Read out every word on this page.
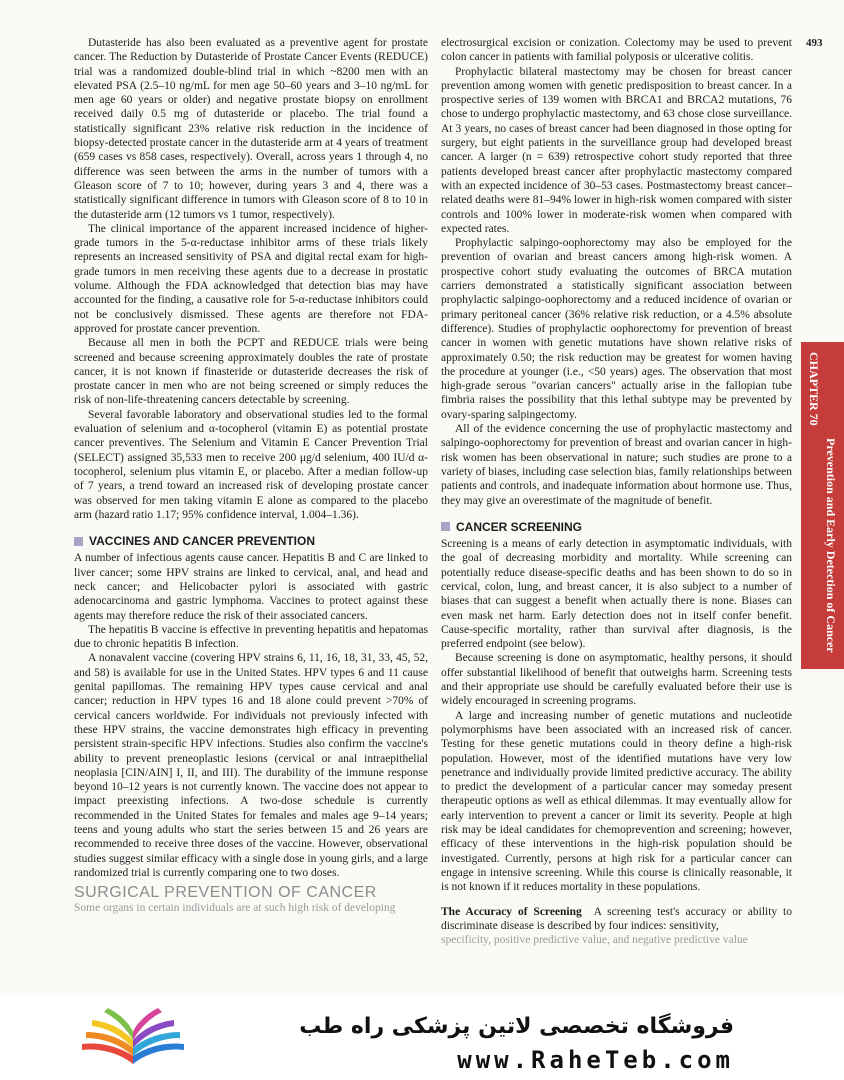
493

Dutasteride has also been evaluated as a preventive agent for prostate cancer. The Reduction by Dutasteride of Prostate Cancer Events (REDUCE) trial was a randomized double-blind trial in which ~8200 men with an elevated PSA (2.5–10 ng/mL for men age 50–60 years and 3–10 ng/mL for men age 60 years or older) and negative prostate biopsy on enrollment received daily 0.5 mg of dutasteride or placebo. The trial found a statistically significant 23% relative risk reduction in the incidence of biopsy-detected prostate cancer in the dutasteride arm at 4 years of treatment (659 cases vs 858 cases, respectively). Overall, across years 1 through 4, no difference was seen between the arms in the number of tumors with a Gleason score of 7 to 10; however, during years 3 and 4, there was a statistically significant difference in tumors with Gleason score of 8 to 10 in the dutasteride arm (12 tumors vs 1 tumor, respectively).

The clinical importance of the apparent increased incidence of higher-grade tumors in the 5-α-reductase inhibitor arms of these trials likely represents an increased sensitivity of PSA and digital rectal exam for high-grade tumors in men receiving these agents due to a decrease in prostatic volume. Although the FDA acknowledged that detection bias may have accounted for the finding, a causative role for 5-α-reductase inhibitors could not be conclusively dismissed. These agents are therefore not FDA-approved for prostate cancer prevention.

Because all men in both the PCPT and REDUCE trials were being screened and because screening approximately doubles the rate of prostate cancer, it is not known if finasteride or dutasteride decreases the risk of prostate cancer in men who are not being screened or simply reduces the risk of non-life-threatening cancers detectable by screening.

Several favorable laboratory and observational studies led to the formal evaluation of selenium and α-tocopherol (vitamin E) as potential prostate cancer preventives. The Selenium and Vitamin E Cancer Prevention Trial (SELECT) assigned 35,533 men to receive 200 μg/d selenium, 400 IU/d α-tocopherol, selenium plus vitamin E, or placebo. After a median follow-up of 7 years, a trend toward an increased risk of developing prostate cancer was observed for men taking vitamin E alone as compared to the placebo arm (hazard ratio 1.17; 95% confidence interval, 1.004–1.36).

VACCINES AND CANCER PREVENTION

A number of infectious agents cause cancer. Hepatitis B and C are linked to liver cancer; some HPV strains are linked to cervical, anal, and head and neck cancer; and Helicobacter pylori is associated with gastric adenocarcinoma and gastric lymphoma. Vaccines to protect against these agents may therefore reduce the risk of their associated cancers.

The hepatitis B vaccine is effective in preventing hepatitis and hepatomas due to chronic hepatitis B infection.

A nonavalent vaccine (covering HPV strains 6, 11, 16, 18, 31, 33, 45, 52, and 58) is available for use in the United States. HPV types 6 and 11 cause genital papillomas. The remaining HPV types cause cervical and anal cancer; reduction in HPV types 16 and 18 alone could prevent >70% of cervical cancers worldwide. For individuals not previously infected with these HPV strains, the vaccine demonstrates high efficacy in preventing persistent strain-specific HPV infections. Studies also confirm the vaccine's ability to prevent preneoplastic lesions (cervical or anal intraepithelial neoplasia [CIN/AIN] I, II, and III). The durability of the immune response beyond 10–12 years is not currently known. The vaccine does not appear to impact preexisting infections. A two-dose schedule is currently recommended in the United States for females and males age 9–14 years; teens and young adults who start the series between 15 and 26 years are recommended to receive three doses of the vaccine. However, observational studies suggest similar efficacy with a single dose in young girls, and a large randomized trial is currently comparing one to two doses.

SURGICAL PREVENTION OF CANCER

Some organs in certain individuals are at such high risk of developing

electrosurgical excision or conization. Colectomy may be used to prevent colon cancer in patients with familial polyposis or ulcerative colitis.

Prophylactic bilateral mastectomy may be chosen for breast cancer prevention among women with genetic predisposition to breast cancer. In a prospective series of 139 women with BRCA1 and BRCA2 mutations, 76 chose to undergo prophylactic mastectomy, and 63 chose close surveillance. At 3 years, no cases of breast cancer had been diagnosed in those opting for surgery, but eight patients in the surveillance group had developed breast cancer. A larger (n = 639) retrospective cohort study reported that three patients developed breast cancer after prophylactic mastectomy compared with an expected incidence of 30–53 cases. Postmastectomy breast cancer–related deaths were 81–94% lower in high-risk women compared with sister controls and 100% lower in moderate-risk women when compared with expected rates.

Prophylactic salpingo-oophorectomy may also be employed for the prevention of ovarian and breast cancers among high-risk women. A prospective cohort study evaluating the outcomes of BRCA mutation carriers demonstrated a statistically significant association between prophylactic salpingo-oophorectomy and a reduced incidence of ovarian or primary peritoneal cancer (36% relative risk reduction, or a 4.5% absolute difference). Studies of prophylactic oophorectomy for prevention of breast cancer in women with genetic mutations have shown relative risks of approximately 0.50; the risk reduction may be greatest for women having the procedure at younger (i.e., <50 years) ages. The observation that most high-grade serous "ovarian cancers" actually arise in the fallopian tube fimbria raises the possibility that this lethal subtype may be prevented by ovary-sparing salpingectomy.

All of the evidence concerning the use of prophylactic mastectomy and salpingo-oophorectomy for prevention of breast and ovarian cancer in high-risk women has been observational in nature; such studies are prone to a variety of biases, including case selection bias, family relationships between patients and controls, and inadequate information about hormone use. Thus, they may give an overestimate of the magnitude of benefit.

CANCER SCREENING

Screening is a means of early detection in asymptomatic individuals, with the goal of decreasing morbidity and mortality. While screening can potentially reduce disease-specific deaths and has been shown to do so in cervical, colon, lung, and breast cancer, it is also subject to a number of biases that can suggest a benefit when actually there is none. Biases can even mask net harm. Early detection does not in itself confer benefit. Cause-specific mortality, rather than survival after diagnosis, is the preferred endpoint (see below).

Because screening is done on asymptomatic, healthy persons, it should offer substantial likelihood of benefit that outweighs harm. Screening tests and their appropriate use should be carefully evaluated before their use is widely encouraged in screening programs.

A large and increasing number of genetic mutations and nucleotide polymorphisms have been associated with an increased risk of cancer. Testing for these genetic mutations could in theory define a high-risk population. However, most of the identified mutations have very low penetrance and individually provide limited predictive accuracy. The ability to predict the development of a particular cancer may someday present therapeutic options as well as ethical dilemmas. It may eventually allow for early intervention to prevent a cancer or limit its severity. People at high risk may be ideal candidates for chemoprevention and screening; however, efficacy of these interventions in the high-risk population should be investigated. Currently, persons at high risk for a particular cancer can engage in intensive screening. While this course is clinically reasonable, it is not known if it reduces mortality in these populations.

The Accuracy of Screening A screening test's accuracy or ability to discriminate disease is described by four indices: sensitivity,

specificity, positive predictive value, and negative predictive value

CHAPTER 70
Prevention and Early Detection of Cancer
فروشگاه تخصصی لاتین پزشکی راه طب
www.RaheTeb.com
